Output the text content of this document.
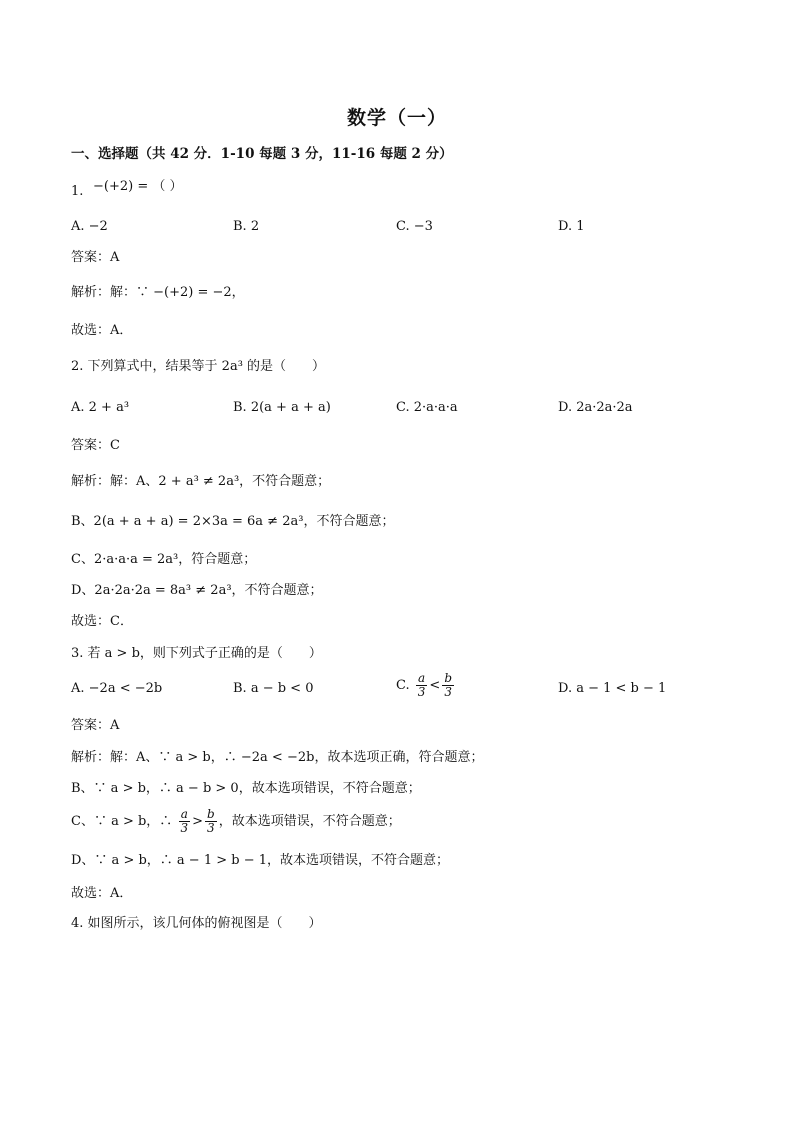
数学（一）
一、选择题（共 42 分．1-10 每题 3 分，11-16 每题 2 分）
1. −(+2) = （ ）
A. −2	B. 2	C. −3	D. 1
答案：A
解析：解：∵ −(+2) = −2，
故选：A．
2. 下列算式中，结果等于 2a³ 的是（　　）
A. 2 + a³	B. 2(a + a + a)	C. 2·a·a·a	D. 2a·2a·2a
答案：C
解析：解：A、2 + a³ ≠ 2a³，不符合题意；
B、2(a + a + a) = 2×3a = 6a ≠ 2a³，不符合题意；
C、2·a·a·a = 2a³，符合题意；
D、2a·2a·2a = 8a³ ≠ 2a³，不符合题意；
故选：C．
3. 若 a > b，则下列式子正确的是（　　）
A. −2a < −2b	B. a − b < 0	C. $\frac{a}{3} < \frac{b}{3}$	D. a − 1 < b − 1
答案：A
解析：解：A、∵ a > b，∴ −2a < −2b，故本选项正确，符合题意；
B、∵ a > b，∴ a − b > 0，故本选项错误，不符合题意；
C、∵ a > b，∴ $\frac{a}{3} > \frac{b}{3}$ ，故本选项错误，不符合题意；
D、∵ a > b，∴ a − 1 > b − 1，故本选项错误，不符合题意；
故选：A．
4. 如图所示，该几何体的俯视图是（　　）
